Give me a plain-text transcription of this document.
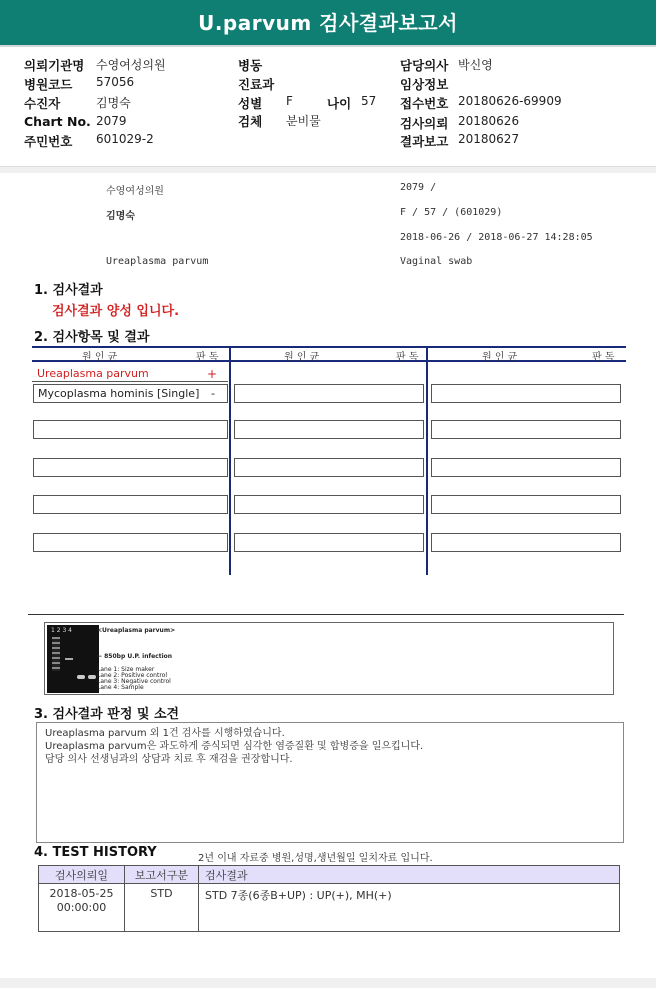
U.parvum 검사결과보고서
의뢰기관명 수영여성의원
병원코드 57056
수진자	김명숙
Chart No. 2079
주민번호 601029-2
병동
진료과
성별 F	나이 57
검체 분비물
담당의사 박신영
임상정보
접수번호 20180626-69909
검사의뢰 20180626
결과보고 20180627
수영여성의원	2079 /
김명숙	F / 57 / (601029)
2018-06-26 / 2018-06-27 14:28:05
Ureaplasma parvum	Vaginal swab
1. 검사결과
검사결과 양성 입니다.
2. 검사항목 및 결과
원 인 균	판 독	원 인 균	판 독	원 인 균	판 독
Ureaplasma parvum	+
Mycoplasma hominis [Single] -
1 2 3 4	<Ureaplasma parvum>
← 850bp U.P. infection
Lane 1: Size maker
Lane 2: Positive control
Lane 3: Negative control
Lane 4: Sample
3. 검사결과 판정 및 소견
Ureaplasma parvum 외 1건 검사를 시행하였습니다.
Ureaplasma parvum은 과도하게 증식되면 심각한 염증질환 및 합병증을 일으킵니다.
담당 의사 선생님과의 상담과 치료 후 재검을 권장합니다.
4. TEST HISTORY	2년 이내 자료중 병원,성명,생년월일 일치자료 입니다.
검사의뢰일	보고서구분	검사결과

2018-05-25
00:00:00	STD	STD 7종(6종B+UP) : UP(+), MH(+)
